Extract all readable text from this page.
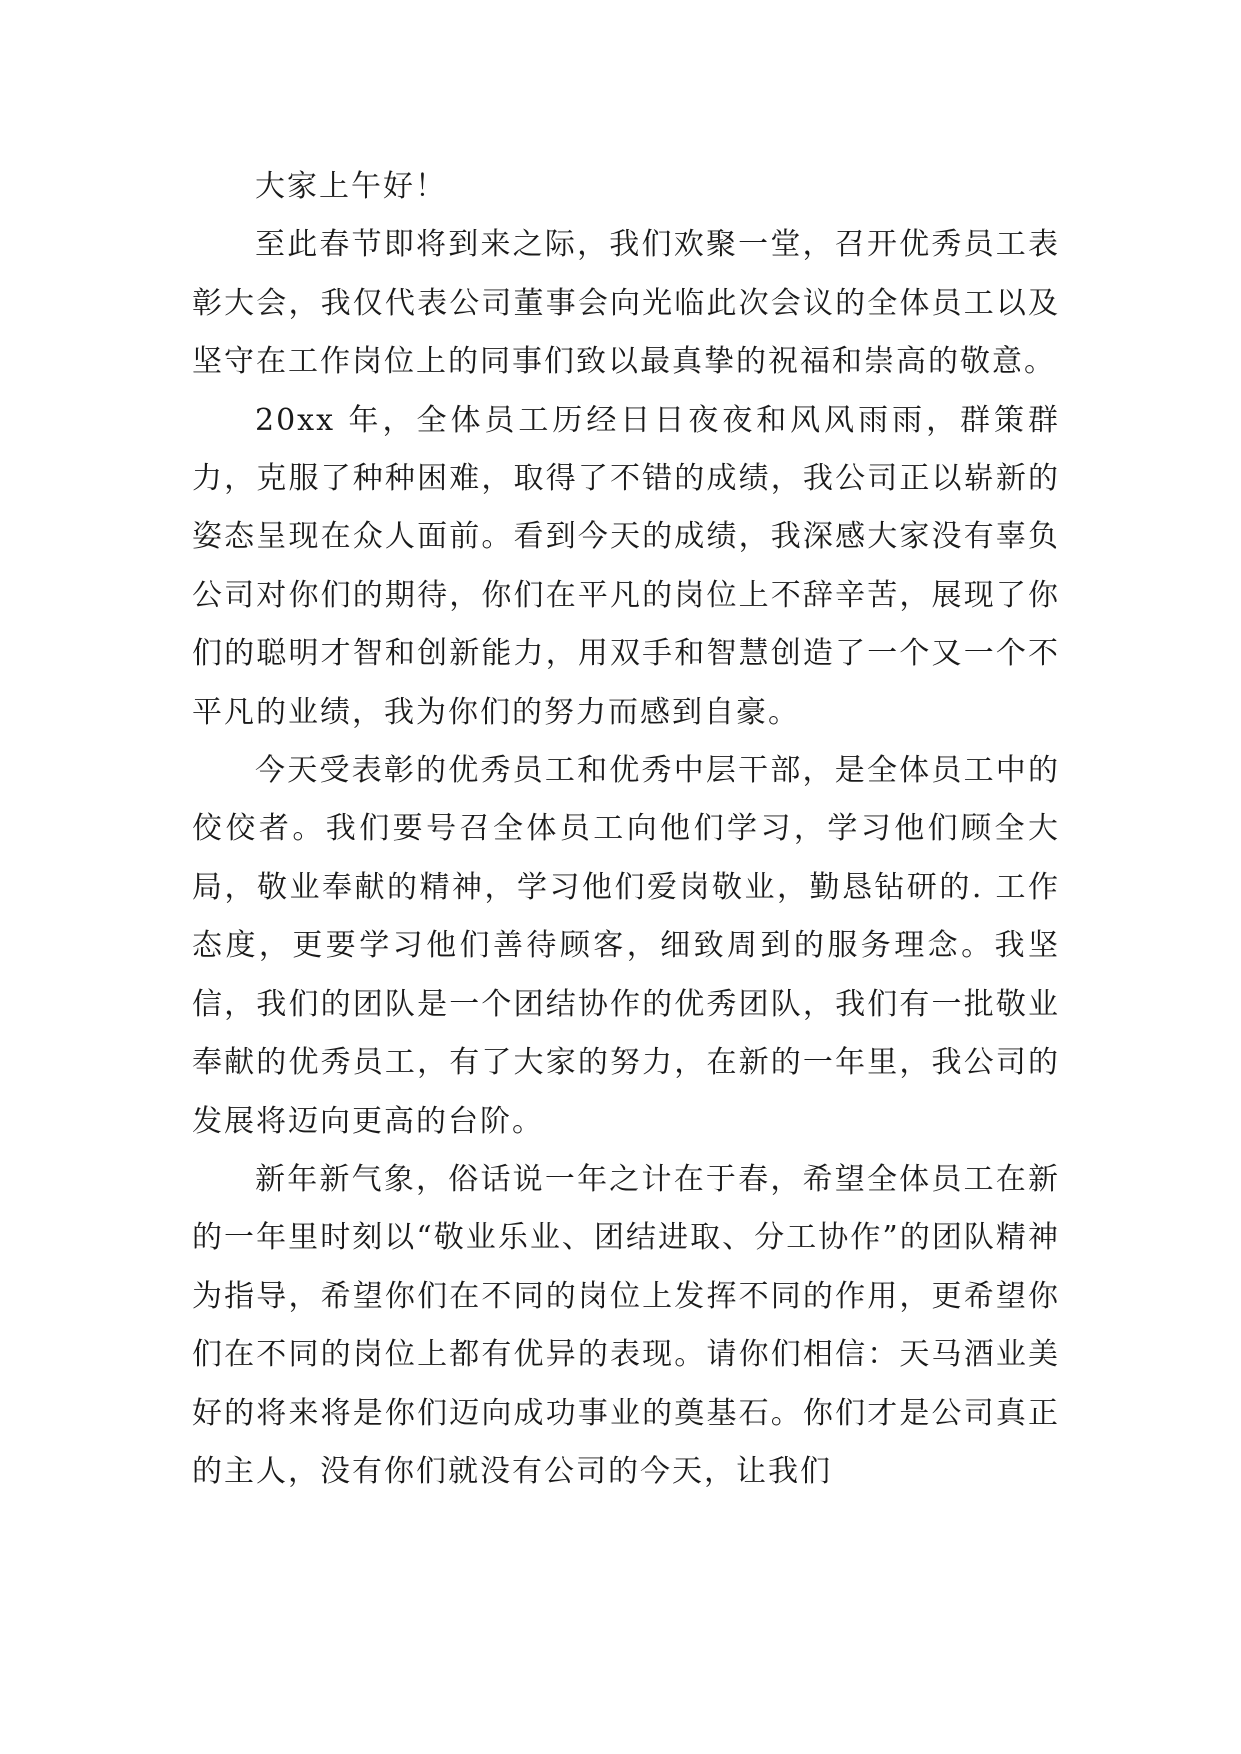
大家上午好！

至此春节即将到来之际，我们欢聚一堂，召开优秀员工表彰大会，我仅代表公司董事会向光临此次会议的全体员工以及坚守在工作岗位上的同事们致以最真挚的祝福和崇高的敬意。

20xx 年，全体员工历经日日夜夜和风风雨雨，群策群力，克服了种种困难，取得了不错的成绩，我公司正以崭新的姿态呈现在众人面前。看到今天的成绩，我深感大家没有辜负公司对你们的期待，你们在平凡的岗位上不辞辛苦，展现了你们的聪明才智和创新能力，用双手和智慧创造了一个又一个不平凡的业绩，我为你们的努力而感到自豪。

今天受表彰的优秀员工和优秀中层干部，是全体员工中的佼佼者。我们要号召全体员工向他们学习，学习他们顾全大局，敬业奉献的精神，学习他们爱岗敬业，勤恳钻研的. 工作态度，更要学习他们善待顾客，细致周到的服务理念。我坚信，我们的团队是一个团结协作的优秀团队，我们有一批敬业奉献的优秀员工，有了大家的努力，在新的一年里，我公司的发展将迈向更高的台阶。

新年新气象，俗话说一年之计在于春，希望全体员工在新的一年里时刻以“敬业乐业、团结进取、分工协作”的团队精神为指导，希望你们在不同的岗位上发挥不同的作用，更希望你们在不同的岗位上都有优异的表现。请你们相信：天马酒业美好的将来将是你们迈向成功事业的奠基石。你们才是公司真正的主人，没有你们就没有公司的今天，让我们
